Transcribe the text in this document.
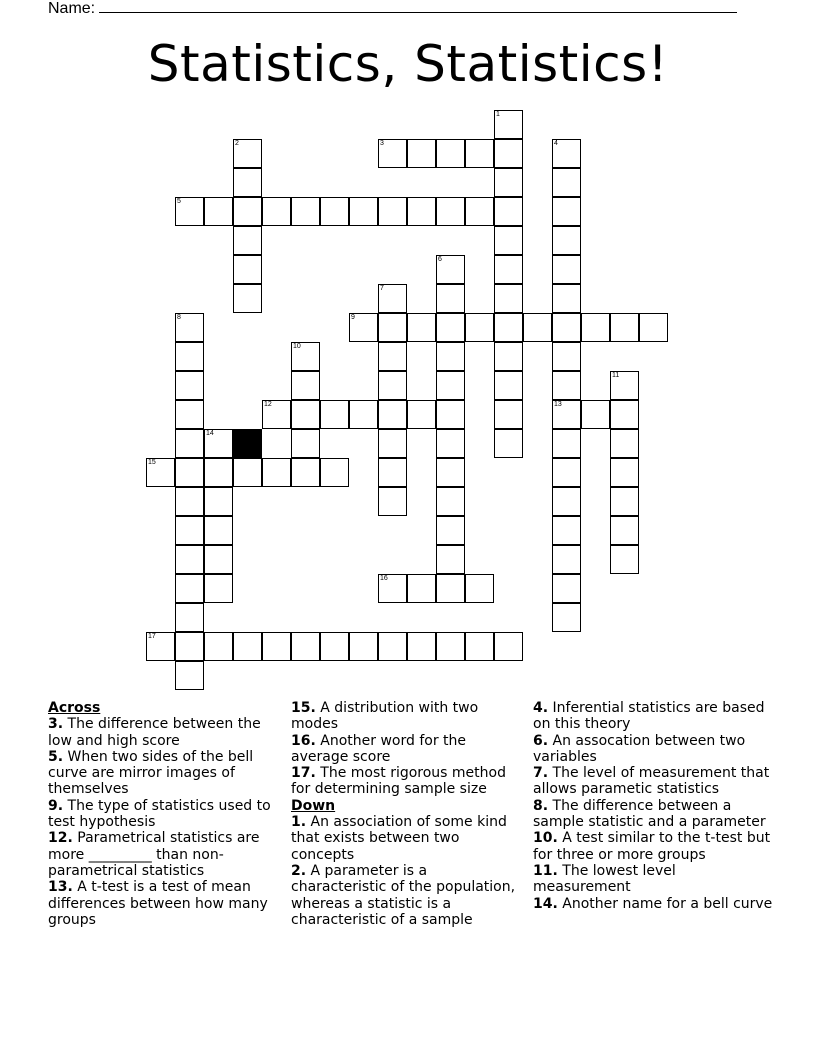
Name:
Statistics, Statistics!
1
2	3	4
13
5
6
7
8	9
10
11
12
14
15
16
17
Across
3. The difference between the low and high score
5. When two sides of the bell curve are mirror images of themselves
9. The type of statistics used to test hypothesis
12. Parametrical statistics are more _________ than non-parametrical statistics
13. A t-test is a test of mean differences between how many groups
15. A distribution with two modes
16. Another word for the average score
17. The most rigorous method for determining sample size
Down
1. An association of some kind that exists between two concepts
2. A parameter is a characteristic of the population, whereas a statistic is a characteristic of a sample
4. Inferential statistics are based on this theory
6. An assocation between two variables
7. The level of measurement that allows parametic statistics
8. The difference between a sample statistic and a parameter
10. A test similar to the t-test but for three or more groups
11. The lowest level measurement
14. Another name for a bell curve
